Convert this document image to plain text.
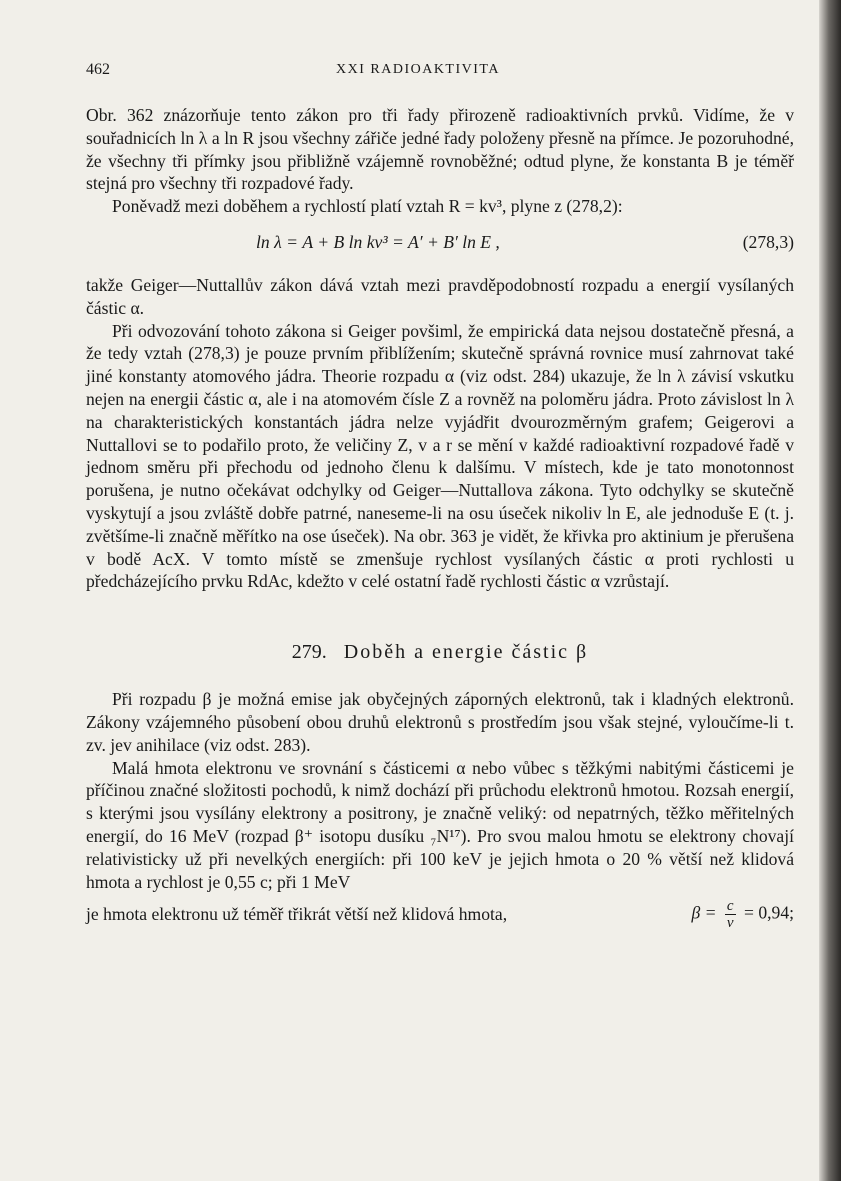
462	XXI RADIOAKTIVITA

Obr. 362 znázorňuje tento zákon pro tři řady přirozeně radioaktivních prvků. Vidíme, že v souřadnicích ln λ a ln R jsou všechny zářiče jedné řady položeny přesně na přímce. Je pozoruhodné, že všechny tři přímky jsou přibližně vzájemně rovnoběžné; odtud plyne, že konstanta B je téměř stejná pro všechny tři rozpadové řady.

Poněvadž mezi doběhem a rychlostí platí vztah R = kv³, plyne z (278,2):

ln λ = A + B ln kv³ = A′ + B′ ln E ,	(278,3)

takže Geiger—Nuttallův zákon dává vztah mezi pravděpodobností rozpadu a energií vysílaných částic α.

Při odvozování tohoto zákona si Geiger povšiml, že empirická data nejsou dostatečně přesná, a že tedy vztah (278,3) je pouze prvním přiblížením; skutečně správná rovnice musí zahrnovat také jiné konstanty atomového jádra. Theorie rozpadu α (viz odst. 284) ukazuje, že ln λ závisí vskutku nejen na energii částic α, ale i na atomovém čísle Z a rovněž na poloměru jádra. Proto závislost ln λ na charakteristických konstantách jádra nelze vyjádřit dvourozměrným grafem; Geigerovi a Nuttallovi se to podařilo proto, že veličiny Z, v a r se mění v každé radioaktivní rozpadové řadě v jednom směru při přechodu od jednoho členu k dalšímu. V místech, kde je tato monotonnost porušena, je nutno očekávat odchylky od Geiger—Nuttallova zákona. Tyto odchylky se skutečně vyskytují a jsou zvláště dobře patrné, naneseme-li na osu úseček nikoliv ln E, ale jednoduše E (t. j. zvětšíme-li značně měřítko na ose úseček). Na obr. 363 je vidět, že křivka pro aktinium je přerušena v bodě AcX. V tomto místě se zmenšuje rychlost vysílaných částic α proti rychlosti u předcházejícího prvku RdAc, kdežto v celé ostatní řadě rychlosti částic α vzrůstají.

279. Doběh a energie částic β

Při rozpadu β je možná emise jak obyčejných záporných elektronů, tak i kladných elektronů. Zákony vzájemného působení obou druhů elektronů s prostředím jsou však stejné, vyloučíme-li t. zv. jev anihilace (viz odst. 283).

Malá hmota elektronu ve srovnání s částicemi α nebo vůbec s těžkými nabitými částicemi je příčinou značné složitosti pochodů, k nimž dochází při průchodu elektronů hmotou. Rozsah energií, s kterými jsou vysílány elektrony a positrony, je značně veliký: od nepatrných, těžko měřitelných energií, do 16 MeV (rozpad β⁺ isotopu dusíku ₇N¹⁷). Pro svou malou hmotu se elektrony chovají relativisticky už při nevelkých energiích: při 100 keV je jejich hmota o 20 % větší než klidová hmota a rychlost je 0,55 c; při 1 MeV

je hmota elektronu už téměř třikrát větší než klidová hmota,	$\beta = \frac{c}{v} = 0,94$;
